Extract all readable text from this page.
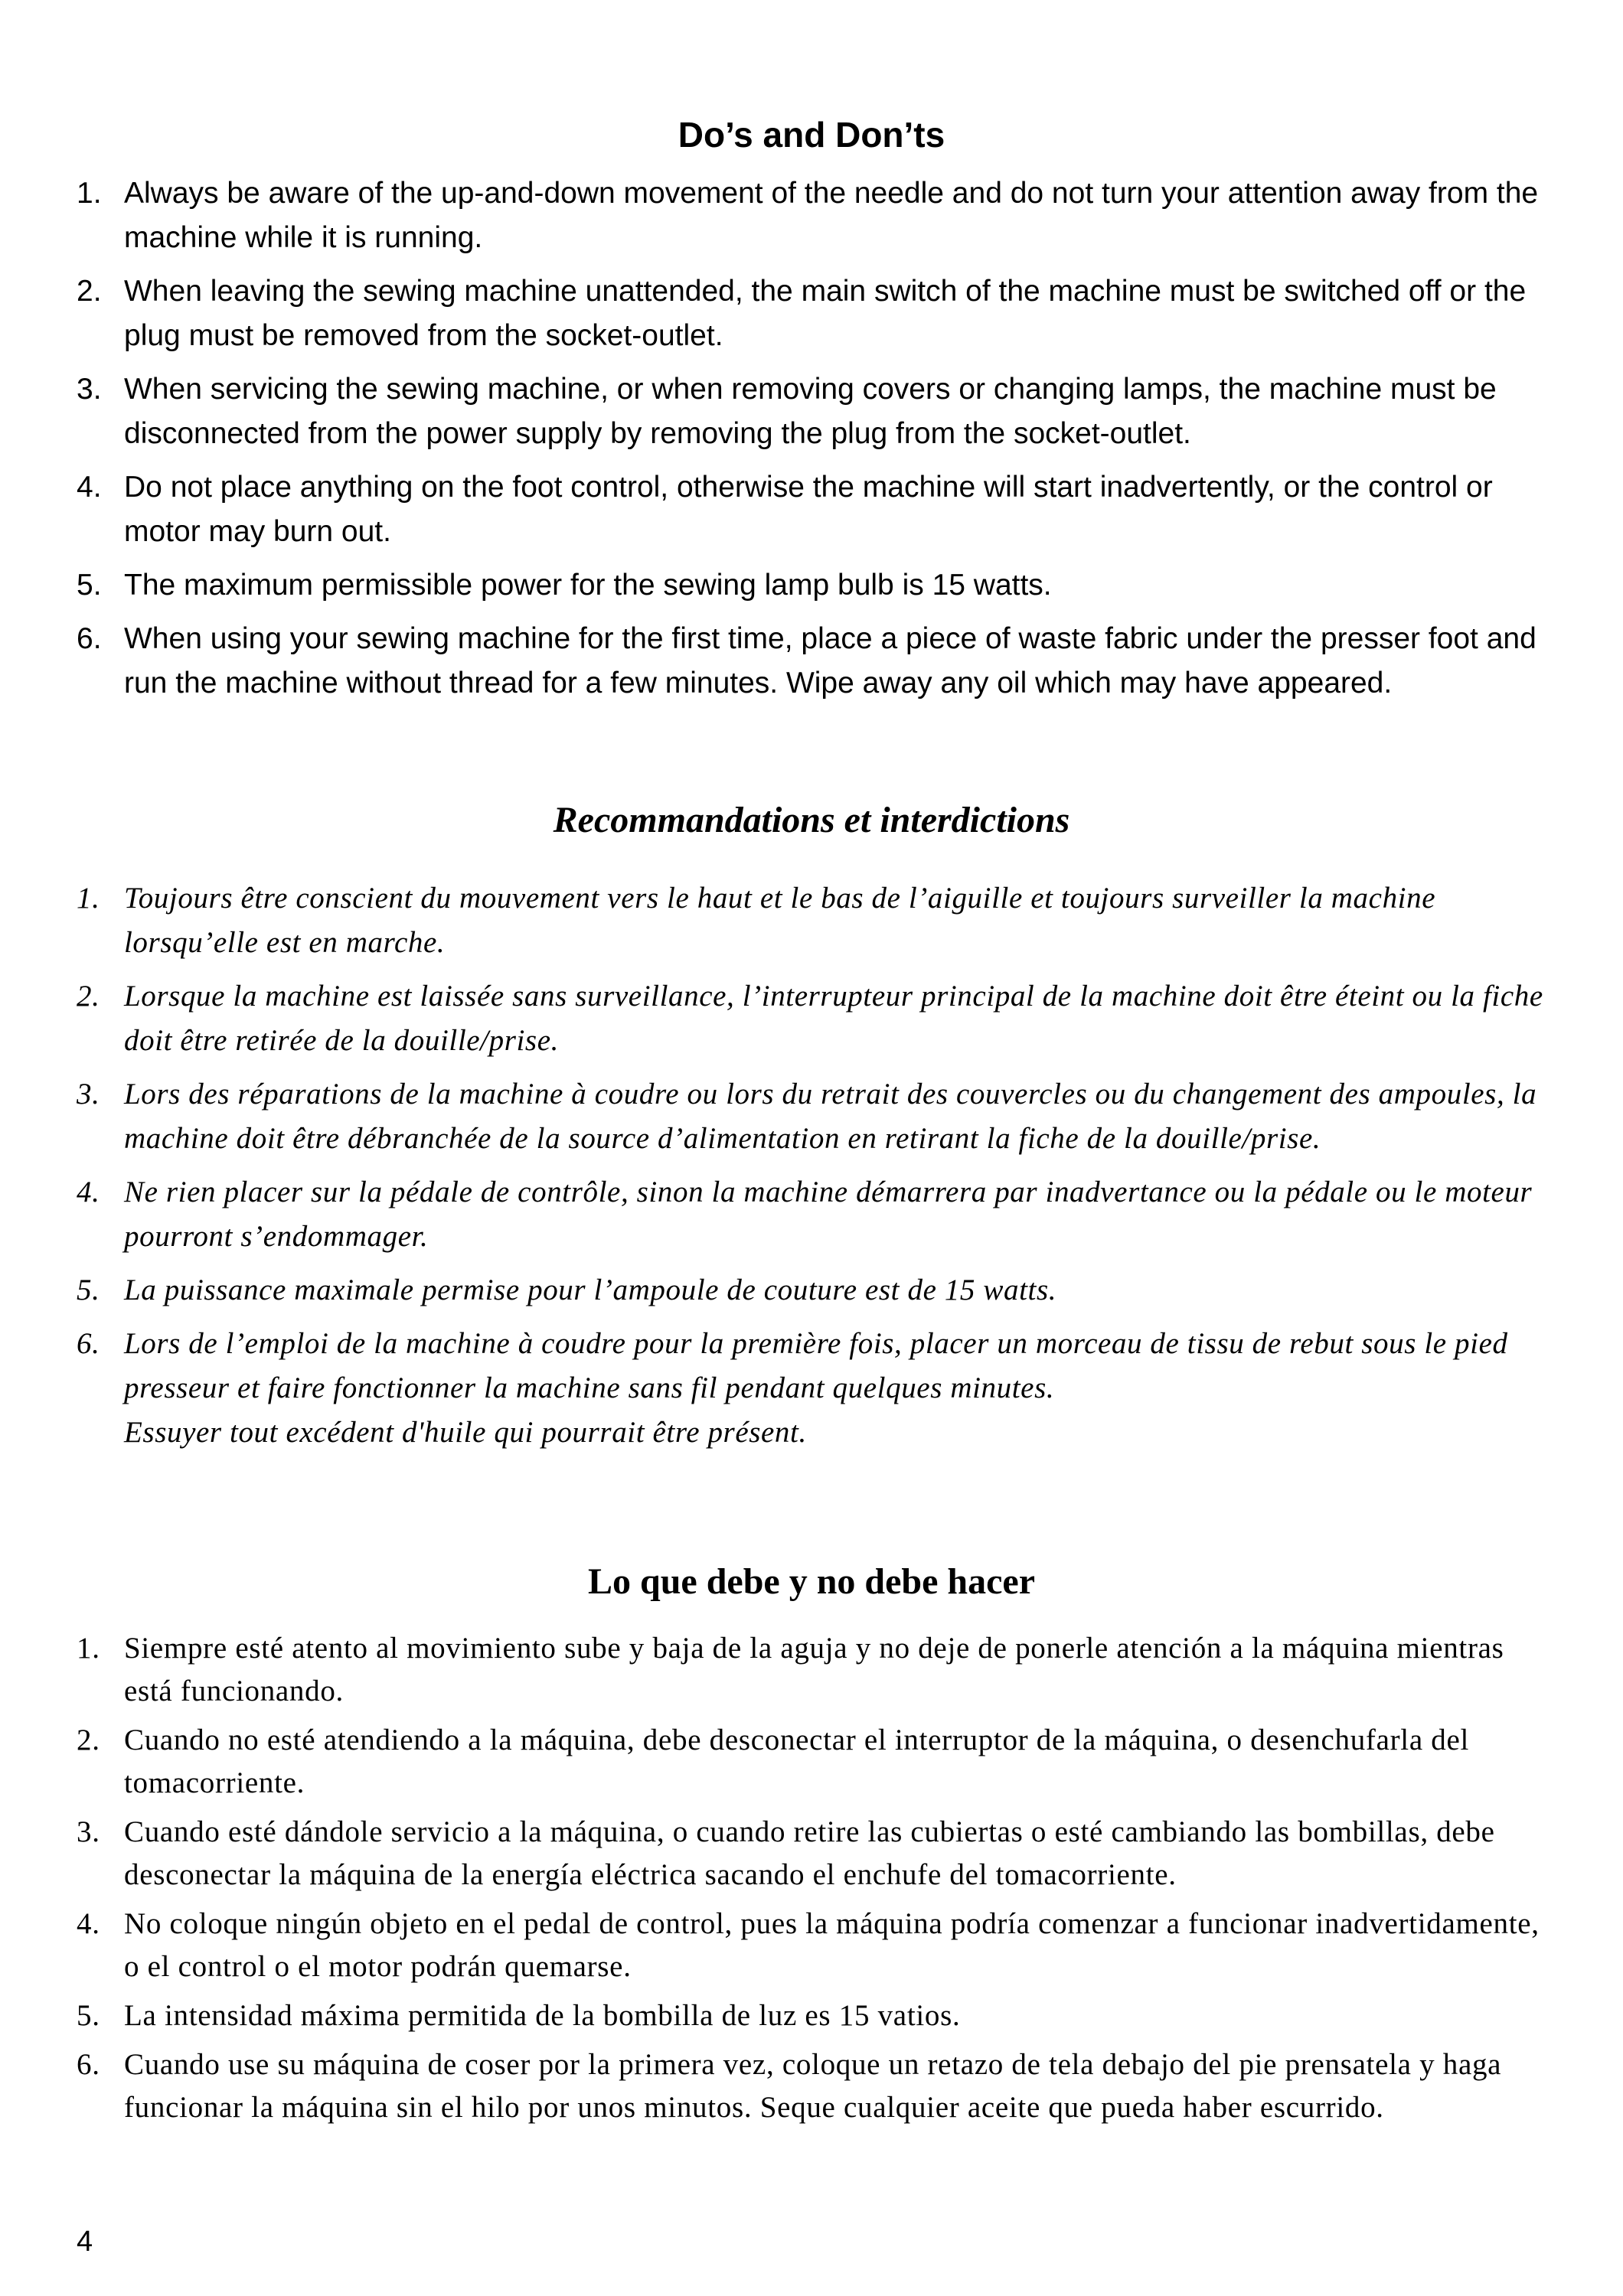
Do’s and Don’ts
1. Always be aware of the up-and-down movement of the needle and do not turn your attention away from the machine while it is running.
2. When leaving the sewing machine unattended, the main switch of the machine must be switched off or the plug must be removed from the socket-outlet.
3. When servicing the sewing machine, or when removing covers or changing lamps, the machine must be disconnected from the power supply by removing the plug from the socket-outlet.
4. Do not place anything on the foot control, otherwise the machine will start inadvertently, or the control or motor may burn out.
5. The maximum permissible power for the sewing lamp bulb is 15 watts.
6. When using your sewing machine for the first time, place a piece of waste fabric under the presser foot and run the machine without thread for a few minutes. Wipe away any oil which may have appeared.
Recommandations et interdictions
1. Toujours être conscient du mouvement vers le haut et le bas de l’aiguille et toujours surveiller la machine lorsqu’elle est en marche.
2. Lorsque la machine est laissée sans surveillance, l’interrupteur principal de la machine doit être éteint ou la fiche doit être retirée de la douille/prise.
3. Lors des réparations de la machine à coudre ou lors du retrait des couvercles ou du changement des ampoules, la machine doit être débranchée de la source d’alimentation en retirant la fiche de la douille/prise.
4. Ne rien placer sur la pédale de contrôle, sinon la machine démarrera par inadvertance ou la pédale ou le moteur pourront s’endommager.
5. La puissance maximale permise pour l’ampoule de couture est de 15 watts.
6. Lors de l’emploi de la machine à coudre pour la première fois, placer un morceau de tissu de rebut sous le pied presseur et faire fonctionner la machine sans fil pendant quelques minutes.
Essuyer tout excédent d'huile qui pourrait être présent.
Lo que debe y no debe hacer
1. Siempre esté atento al movimiento sube y baja de la aguja y no deje de ponerle atención a la máquina mientras está funcionando.
2. Cuando no esté atendiendo a la máquina, debe desconectar el interruptor de la máquina, o desenchufarla del tomacorriente.
3. Cuando esté dándole servicio a la máquina, o cuando retire las cubiertas o esté cambiando las bombillas, debe desconectar la máquina de la energía eléctrica sacando el enchufe del tomacorriente.
4. No coloque ningún objeto en el pedal de control, pues la máquina podría comenzar a funcionar inadvertidamente, o el control o el motor podrán quemarse.
5. La intensidad máxima permitida de la bombilla de luz es 15 vatios.
6. Cuando use su máquina de coser por la primera vez, coloque un retazo de tela debajo del pie prensatela y haga funcionar la máquina sin el hilo por unos minutos. Seque cualquier aceite que pueda haber escurrido.
4
